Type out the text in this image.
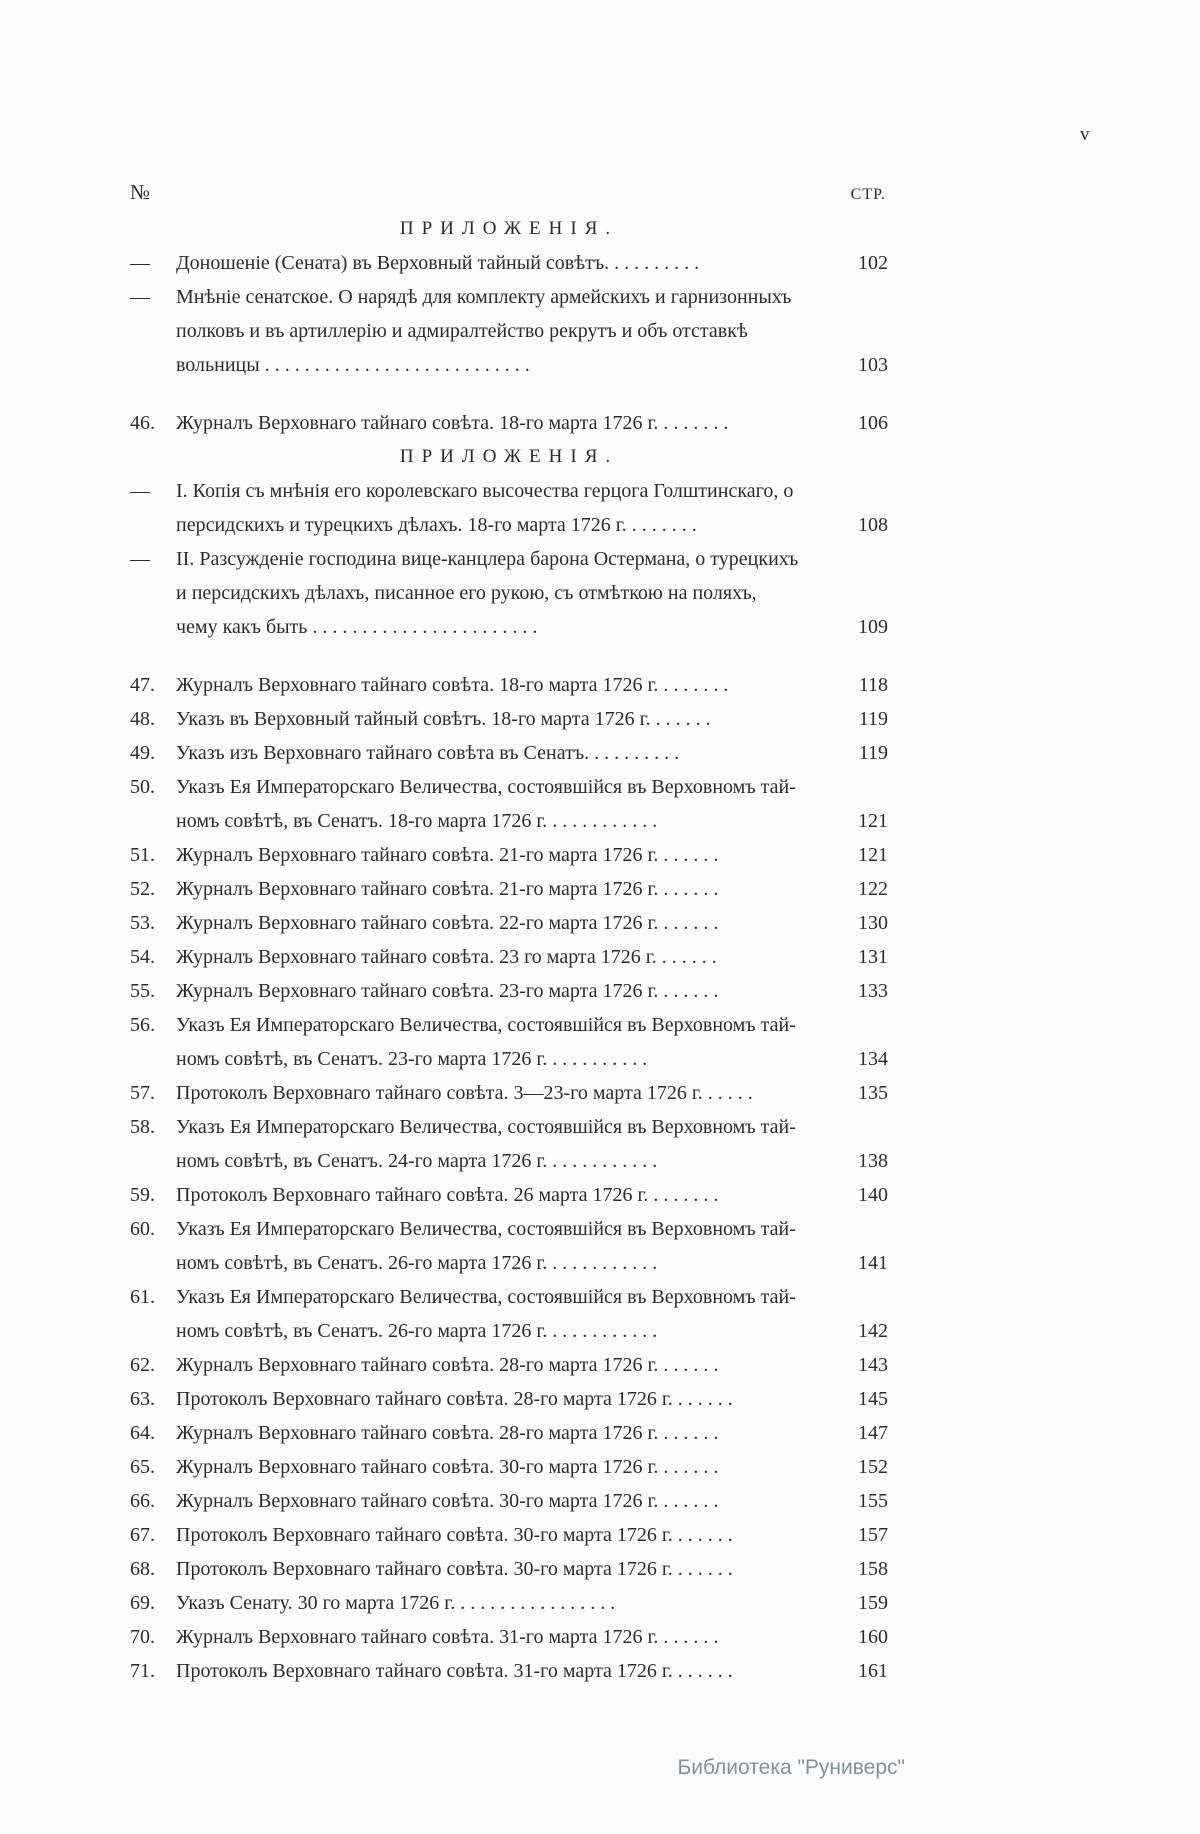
v
№	СТР.
ПРИЛОЖЕНІЯ.
—	Доношеніе (Сената) въ Верховный тайный совѣтъ. . . . . . . . . .	102
—	Мнѣніе сенатское. О нарядѣ для комплекту армейскихъ и гарнизонныхъ
полковъ и въ артиллерію и адмиралтейство рекрутъ и объ отставкѣ
вольницы . . . . . . . . . . . . . . . . . . . . . . . . . . .	103
46.	Журналъ Верховнаго тайнаго совѣта. 18-го марта 1726 г. . . . . . . .	106
ПРИЛОЖЕНІЯ.
—	I. Копія съ мнѣнія его королевскаго высочества герцога Голштинскаго, о
персидскихъ и турецкихъ дѣлахъ. 18-го марта 1726 г. . . . . . . .	108
—	II. Разсужденіе господина вице-канцлера барона Остермана, о турецкихъ
и персидскихъ дѣлахъ, писанное его рукою, съ отмѣткою на поляхъ,
чему какъ быть . . . . . . . . . . . . . . . . . . . . . . .	109
47.	Журналъ Верховнаго тайнаго совѣта. 18-го марта 1726 г. . . . . . . .	118
48.	Указъ въ Верховный тайный совѣтъ. 18-го марта 1726 г. . . . . . .	119
49.	Указъ изъ Верховнаго тайнаго совѣта въ Сенатъ. . . . . . . . . .	119
50.	Указъ Ея Императорскаго Величества, состоявшійся въ Верховномъ тай-
номъ совѣтѣ, въ Сенатъ. 18-го марта 1726 г. . . . . . . . . . . .	121
51.	Журналъ Верховнаго тайнаго совѣта. 21-го марта 1726 г. . . . . . .	121
52.	Журналъ Верховнаго тайнаго совѣта. 21-го марта 1726 г. . . . . . .	122
53.	Журналъ Верховнаго тайнаго совѣта. 22-го марта 1726 г. . . . . . .	130
54.	Журналъ Верховнаго тайнаго совѣта. 23 го марта 1726 г. . . . . . .	131
55.	Журналъ Верховнаго тайнаго совѣта. 23-го марта 1726 г. . . . . . .	133
56.	Указъ Ея Императорскаго Величества, состоявшійся въ Верховномъ тай-
номъ совѣтѣ, въ Сенатъ. 23-го марта 1726 г. . . . . . . . . . .	134
57.	Протоколъ Верховнаго тайнаго совѣта. 3—23-го марта 1726 г. . . . . .	135
58.	Указъ Ея Императорскаго Величества, состоявшійся въ Верховномъ тай-
номъ совѣтѣ, въ Сенатъ. 24-го марта 1726 г. . . . . . . . . . . .	138
59.	Протоколъ Верховнаго тайнаго совѣта. 26 марта 1726 г. . . . . . . .	140
60.	Указъ Ея Императорскаго Величества, состоявшійся въ Верховномъ тай-
номъ совѣтѣ, въ Сенатъ. 26-го марта 1726 г. . . . . . . . . . . .	141
61.	Указъ Ея Императорскаго Величества, состоявшійся въ Верховномъ тай-
номъ совѣтѣ, въ Сенатъ. 26-го марта 1726 г. . . . . . . . . . . .	142
62.	Журналъ Верховнаго тайнаго совѣта. 28-го марта 1726 г. . . . . . .	143
63.	Протоколъ Верховнаго тайнаго совѣта. 28-го марта 1726 г. . . . . . .	145
64.	Журналъ Верховнаго тайнаго совѣта. 28-го марта 1726 г. . . . . . .	147
65.	Журналъ Верховнаго тайнаго совѣта. 30-го марта 1726 г. . . . . . .	152
66.	Журналъ Верховнаго тайнаго совѣта. 30-го марта 1726 г. . . . . . .	155
67.	Протоколъ Верховнаго тайнаго совѣта. 30-го марта 1726 г. . . . . . .	157
68.	Протоколъ Верховнаго тайнаго совѣта. 30-го марта 1726 г. . . . . . .	158
69.	Указъ Сенату. 30 го марта 1726 г. . . . . . . . . . . . . . . . .	159
70.	Журналъ Верховнаго тайнаго совѣта. 31-го марта 1726 г. . . . . . .	160
71.	Протоколъ Верховнаго тайнаго совѣта. 31-го марта 1726 г. . . . . . .	161
Библиотека "Руниверс"
